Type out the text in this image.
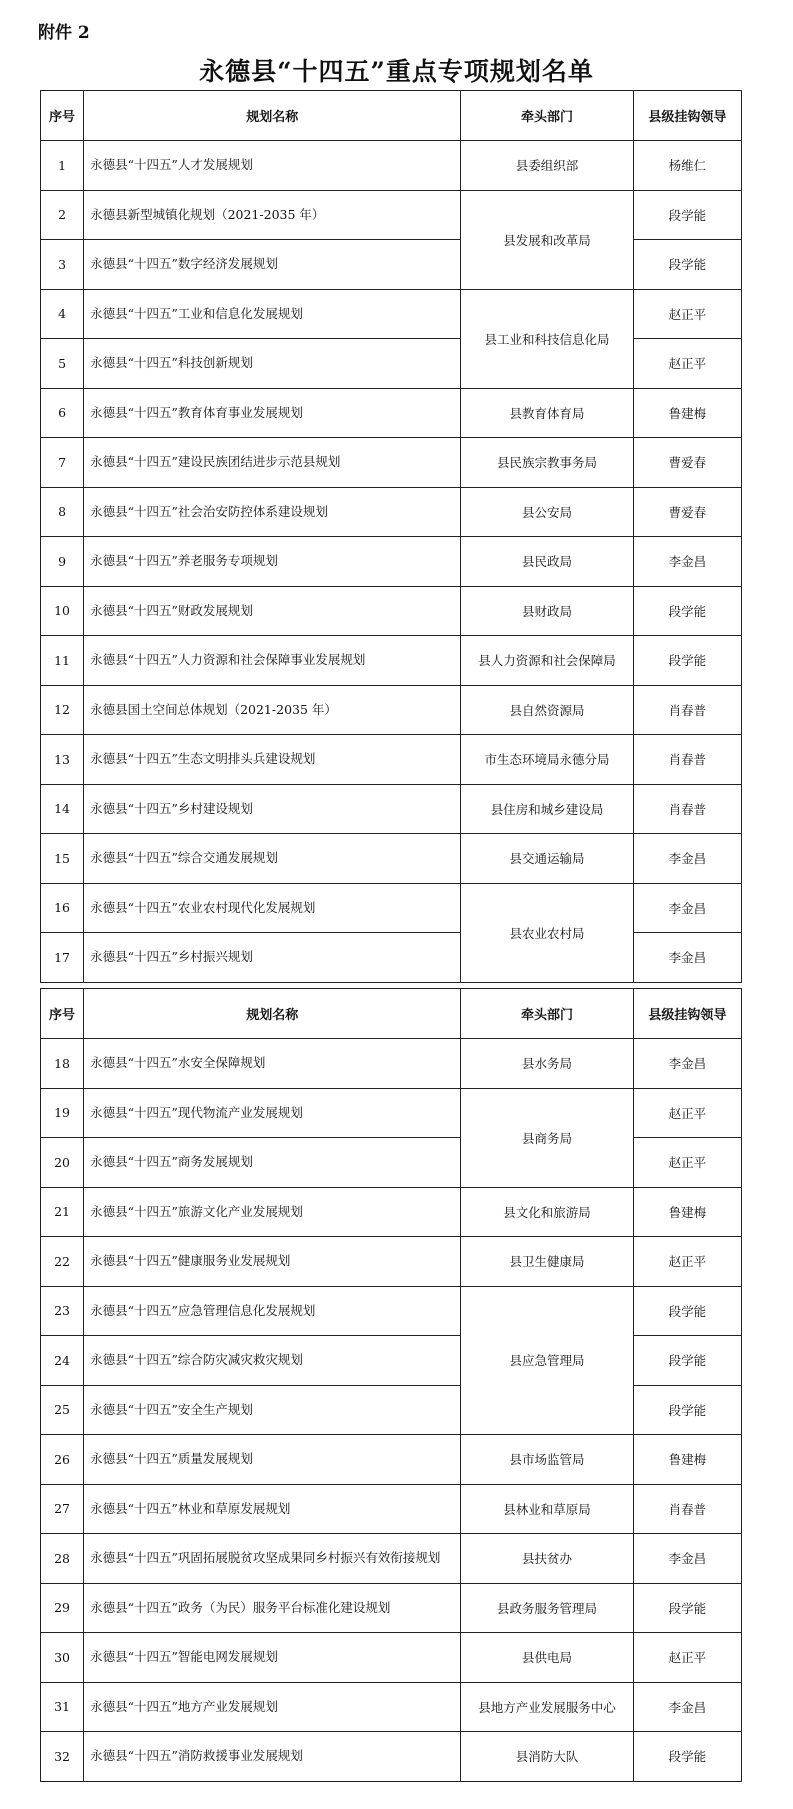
附件 2
永德县“十四五”重点专项规划名单
序号	规划名称	牵头部门	县级挂钩领导
1	永德县“十四五”人才发展规划	县委组织部	杨维仁
2	永德县新型城镇化规划（2021-2035 年）	县发展和改革局	段学能
3	永德县“十四五”数字经济发展规划		段学能
4	永德县“十四五”工业和信息化发展规划	县工业和科技信息化局	赵正平
5	永德县“十四五”科技创新规划		赵正平
6	永德县“十四五”教育体育事业发展规划	县教育体育局	鲁建梅
7	永德县“十四五”建设民族团结进步示范县规划	县民族宗教事务局	曹爱春
8	永德县“十四五”社会治安防控体系建设规划	县公安局	曹爱春
9	永德县“十四五”养老服务专项规划	县民政局	李金昌
10	永德县“十四五”财政发展规划	县财政局	段学能
11	永德县“十四五”人力资源和社会保障事业发展规划	县人力资源和社会保障局	段学能
12	永德县国土空间总体规划（2021-2035 年）	县自然资源局	肖春普
13	永德县“十四五”生态文明排头兵建设规划	市生态环境局永德分局	肖春普
14	永德县“十四五”乡村建设规划	县住房和城乡建设局	肖春普
15	永德县“十四五”综合交通发展规划	县交通运输局	李金昌
16	永德县“十四五”农业农村现代化发展规划	县农业农村局	李金昌
17	永德县“十四五”乡村振兴规划		李金昌
序号	规划名称	牵头部门	县级挂钩领导
18	永德县“十四五”水安全保障规划	县水务局	李金昌
19	永德县“十四五”现代物流产业发展规划	县商务局	赵正平
20	永德县“十四五”商务发展规划		赵正平
21	永德县“十四五”旅游文化产业发展规划	县文化和旅游局	鲁建梅
22	永德县“十四五”健康服务业发展规划	县卫生健康局	赵正平
23	永德县“十四五”应急管理信息化发展规划	县应急管理局	段学能
24	永德县“十四五”综合防灾减灾救灾规划		段学能
25	永德县“十四五”安全生产规划		段学能
26	永德县“十四五”质量发展规划	县市场监管局	鲁建梅
27	永德县“十四五”林业和草原发展规划	县林业和草原局	肖春普
28	永德县“十四五”巩固拓展脱贫攻坚成果同乡村振兴有效衔接规划	县扶贫办	李金昌
29	永德县“十四五”政务（为民）服务平台标准化建设规划	县政务服务管理局	段学能
30	永德县“十四五”智能电网发展规划	县供电局	赵正平
31	永德县“十四五”地方产业发展规划	县地方产业发展服务中心	李金昌
32	永德县“十四五”消防救援事业发展规划	县消防大队	段学能
